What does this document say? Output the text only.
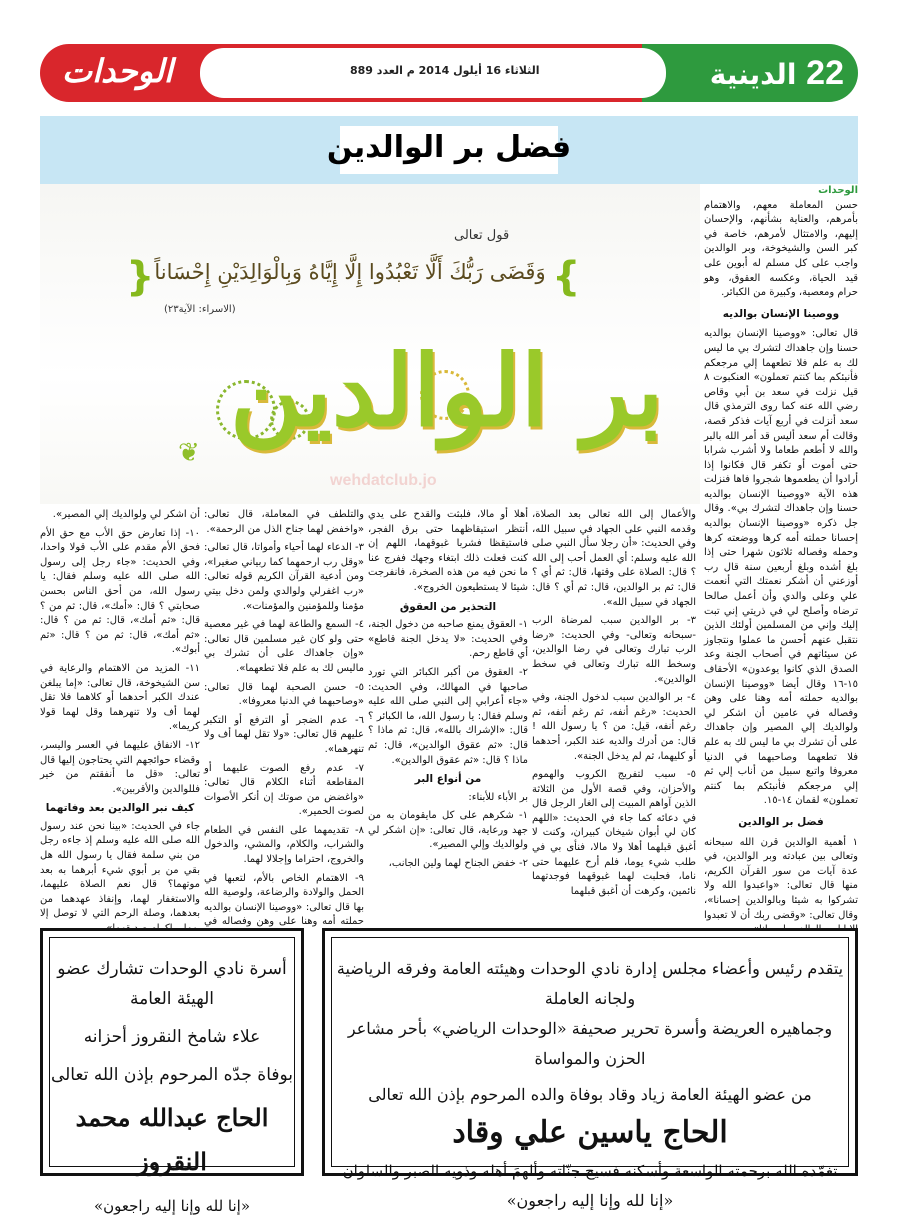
22 الدينية
الوحدات	الثلاثاء 16 أيلول 2014 م العدد 889
فضل بر الوالدين
قول تعالى
{
} وَقَضَى رَبُّكَ أَلَّا تَعْبُدُوا إِلَّا إِيَّاهُ وَبِالْوَالِدَيْنِ إِحْسَاناً
(الاسراء: الآية٢٣)
بر الوالدين
❦
الوحدات
حسن المعاملة معهم، والاهتمام بأمرهم، والعناية بشأنهم، والإحسان إليهم، والامتثال لأمرهم، خاصة في كبر السن والشيخوخة، وبر الوالدين واجب على كل مسلم له أبوين على قيد الحياة، وعكسه العقوق، وهو حرام ومعصية، وكبيرة من الكبائر.
ووصينا الإنسان بوالديه
قال تعالى: «ووصينا الإنسان بوالديه حسنا وإن جاهداك لتشرك بي ما ليس لك به علم فلا تطعهما إلي مرجعكم فأنبئكم بما كنتم تعملون» العنكبوت ٨ قيل نزلت في سعد بن أبي وقاص رضي الله عنه كما روى الترمذي قال سعد أنزلت في أربع آيات فذكر قصة، وقالت أم سعد أليس قد أمر الله بالبر والله لا أطعم طعاما ولا أشرب شرابا حتى أموت أو تكفر قال فكانوا إذا أرادوا أن يطعموها شجروا فاها فنزلت هذه الآية «ووصينا الإنسان بوالديه حسنا وإن جاهداك لتشرك بي». وقال جل ذكره «ووصينا الإنسان بوالديه إحسانا حملته أمه كرها ووضعته كرها وحمله وفصاله ثلاثون شهرا حتى إذا بلغ أشده وبلغ أربعين سنة قال رب أوزعني أن أشكر نعمتك التي أنعمت علي وعلى والدي وأن أعمل صالحا ترضاه وأصلح لي في ذريتي إني تبت إليك وإني من المسلمين أولئك الذين نتقبل عنهم أحسن ما عملوا ونتجاوز عن سيئاتهم في أصحاب الجنة وعد الصدق الذي كانوا يوعدون» الأحقاف ١٥-١٦ وقال أيضا «ووصينا الإنسان بوالديه حملته أمه وهنا على وهن وفصاله في عامين أن اشكر لي ولوالديك إلي المصير وإن جاهداك على أن تشرك بي ما ليس لك به علم فلا تطعهما وصاحبهما في الدنيا معروفا واتبع سبيل من أناب إلي ثم إلي مرجعكم فأنبئكم بما كنتم تعملون» لقمان ١٤-١٥.
فضل بر الوالدين
١ أهمية الوالدين قرن الله سبحانه وتعالى بين عبادته وبر الوالدين، في عدة آيات من سور القرآن الكريم، منها قال تعالى: «واعبدوا الله ولا تشركوا به شيئا وبالوالدين إحسانا»، وقال تعالى: «وقضى ربك أن لا تعبدوا
والأعمال إلى الله تعالى بعد الصلاة، وقدمه النبي على الجهاد في سبيل الله، وفي الحديث: «أن رجلا سأل النبي صلى الله عليه وسلم: أي العمل أحب إلى الله ؟ قال: الصلاة على وقتها، قال: ثم أي ؟ قال: ثم بر الوالدين، قال: ثم أي ؟ قال: الجهاد في سبيل الله».
٣- بر الوالدين سبب لمرضاة الرب -سبحانه وتعالى- وفي الحديث: «رضا الرب تبارك وتعالى في رضا الوالدين، وسخط الله تبارك وتعالى في سخط الوالدين».
٤- بر الوالدين سبب لدخول الجنة، وفي الحديث: «رغم أنفه، ثم رغم أنفه، ثم رغم أنفه، قيل: من ؟ يا رسول الله ! قال: من أدرك والديه عند الكبر، أحدهما أو كليهما، ثم لم يدخل الجنة».
٥- سبب لتفريج الكروب والهموم والأحزان، وفي قصة الأول من الثلاثة الذين آواهم المبيت إلى الغار الرجل قال في دعائه كما جاء في الحديث: «اللهم كان لي أبوان شيخان كبيران، وكنت لا أغبق قبلهما أهلا ولا مالا، فنأى بي في طلب شيء يوما، فلم أرح عليهما حتى ناما، فحلبت لهما غبوقهما فوجدتهما نائمين، وكرهت أن أغبق قبلهما
أهلا أو مالا، فلبثت والقدح على يدي أنتظر استيقاظهما حتى برق الفجر، فاستيقظا فشربا غبوقهما، اللهم إن كنت فعلت ذلك ابتغاء وجهك ففرج عنا ما نحن فيه من هذه الصخرة، فانفرجت شيئا لا يستطيعون الخروج».
التحذير من العقوق
١- العقوق يمنع صاحبه من دخول الجنة، وفي الحديث: «لا يدخل الجنة قاطع» أي قاطع رحم.
٢- العقوق من أكبر الكبائر التي تورد صاحبها في المهالك، وفي الحديث: «جاء أعرابي إلى النبي صلى الله عليه وسلم فقال: يا رسول الله، ما الكبائر ؟ قال: «الإشراك بالله»، قال: ثم ماذا ؟ قال: «ثم عقوق الوالدين»، قال: ثم ماذا ؟ قال: «ثم عقوق الوالدين».
من أنواع البر
بر الأباء للأبناء:
١- شكرهم على كل مايقومان به من جهد ورعاية، قال تعالى: «إن اشكر لي ولوالديك وإلي المصير».
٢- خفض الجناح لهما ولين الجانب،
والتلطف في المعاملة، قال تعالى: «واخفض لهما جناح الذل من الرحمة».
٣- الدعاء لهما أحياء وأمواتا، قال تعالى: «وقل رب ارحمهما كما ربياني صغيرا»، ومن أدعية القرآن الكريم قوله تعالى: «رب اغفرلي ولوالدي ولمن دخل بيتي مؤمنا وللمؤمنين والمؤمنات».
٤- السمع والطاعة لهما في غير معصية حتى ولو كان غير مسلمين قال تعالى: «وإن جاهداك على أن تشرك بي ماليس لك به علم فلا تطعهما».
٥- حسن الصحبة لهما قال تعالى: «وصاحبهما في الدنيا معروفا».
٦- عدم الضجر أو الترفع أو التكبر عليهم قال تعالى: «ولا تقل لهما أف ولا تنهرهما».
٧- عدم رفع الصوت عليهما أو المقاطعة أثناء الكلام قال تعالى: «واغضض من صوتك إن أنكر الأصوات لصوت الحمير».
٨- تقديمهما على النفس في الطعام والشراب، والكلام، والمشي، والدخول والخروج، احتراما وإجلالا لهما.
٩- الاهتمام الخاص بالأم، لتعبها في الحمل والولادة والرضاعة، ولوصية الله بها قال تعالى: «ووصينا الإنسان بوالديه حملته أمه وهنا على وهن وفصاله في
أن اشكر لي ولوالديك إلي المصير».
١٠- إذا تعارض حق الأب مع حق الأم فحق الأم مقدم على الأب قولا واحدا، وفي الحديث: «جاء رجل إلى رسول الله صلى الله عليه وسلم فقال: يا رسول الله، من أحق الناس بحسن صحابتي ؟ قال: «أمك»، قال: ثم من ؟ قال: «ثم أمك»، قال: ثم من ؟ قال: «ثم أمك»، قال: ثم من ؟ قال: «ثم أبوك».
١١- المزيد من الاهتمام والرعاية في سن الشيخوخة، قال تعالى: «إما يبلغن عندك الكبر أحدهما أو كلاهما فلا تقل لهما أف ولا تنهرهما وقل لهما قولا كريما».
١٢- الانفاق عليهما في العسر واليسر، وقضاء حوائجهم التي يحتاجون إليها قال تعالى: «قل ما أنفقتم من خير فللوالدين والأقربين».
كيف نبر الوالدين بعد وفاتهما
جاء في الحديث: «بينا نحن عند رسول الله صلى الله عليه وسلم إذ جاءه رجل من بني سلمة فقال يا رسول الله هل بقي من بر أبوي شيء أبرهما به بعد موتهما؟ قال نعم الصلاة عليهما، والاستغفار لهما، وإنفاذ عهدهما من بعدهما، وصلة الرحم التي لا توصل إلا
wehdatclub.jo
أسرة نادي الوحدات تشارك عضو الهيئة العامة
علاء شامخ النقروز أحزانه
بوفاة جدّه المرحوم بإذن الله تعالى
الحاج عبدالله محمد النقروز
«إنا لله وإنا إليه راجعون»
يتقدم رئيس وأعضاء مجلس إدارة نادي الوحدات وهيئته العامة وفرقه الرياضية ولجانه العاملة
وجماهيره العريضة وأسرة تحرير صحيفة «الوحدات الرياضي» بأحر مشاعر الحزن والمواساة
من عضو الهيئة العامة زياد وقاد بوفاة والده المرحوم بإذن الله تعالى
الحاج ياسين علي وقاد
تغمّده الله برحمته الواسعة وأسكنه فسيح جنّاته وألهمَ أهله وذويه الصبر والسلوان
«إنا لله وإنا إليه راجعون»
